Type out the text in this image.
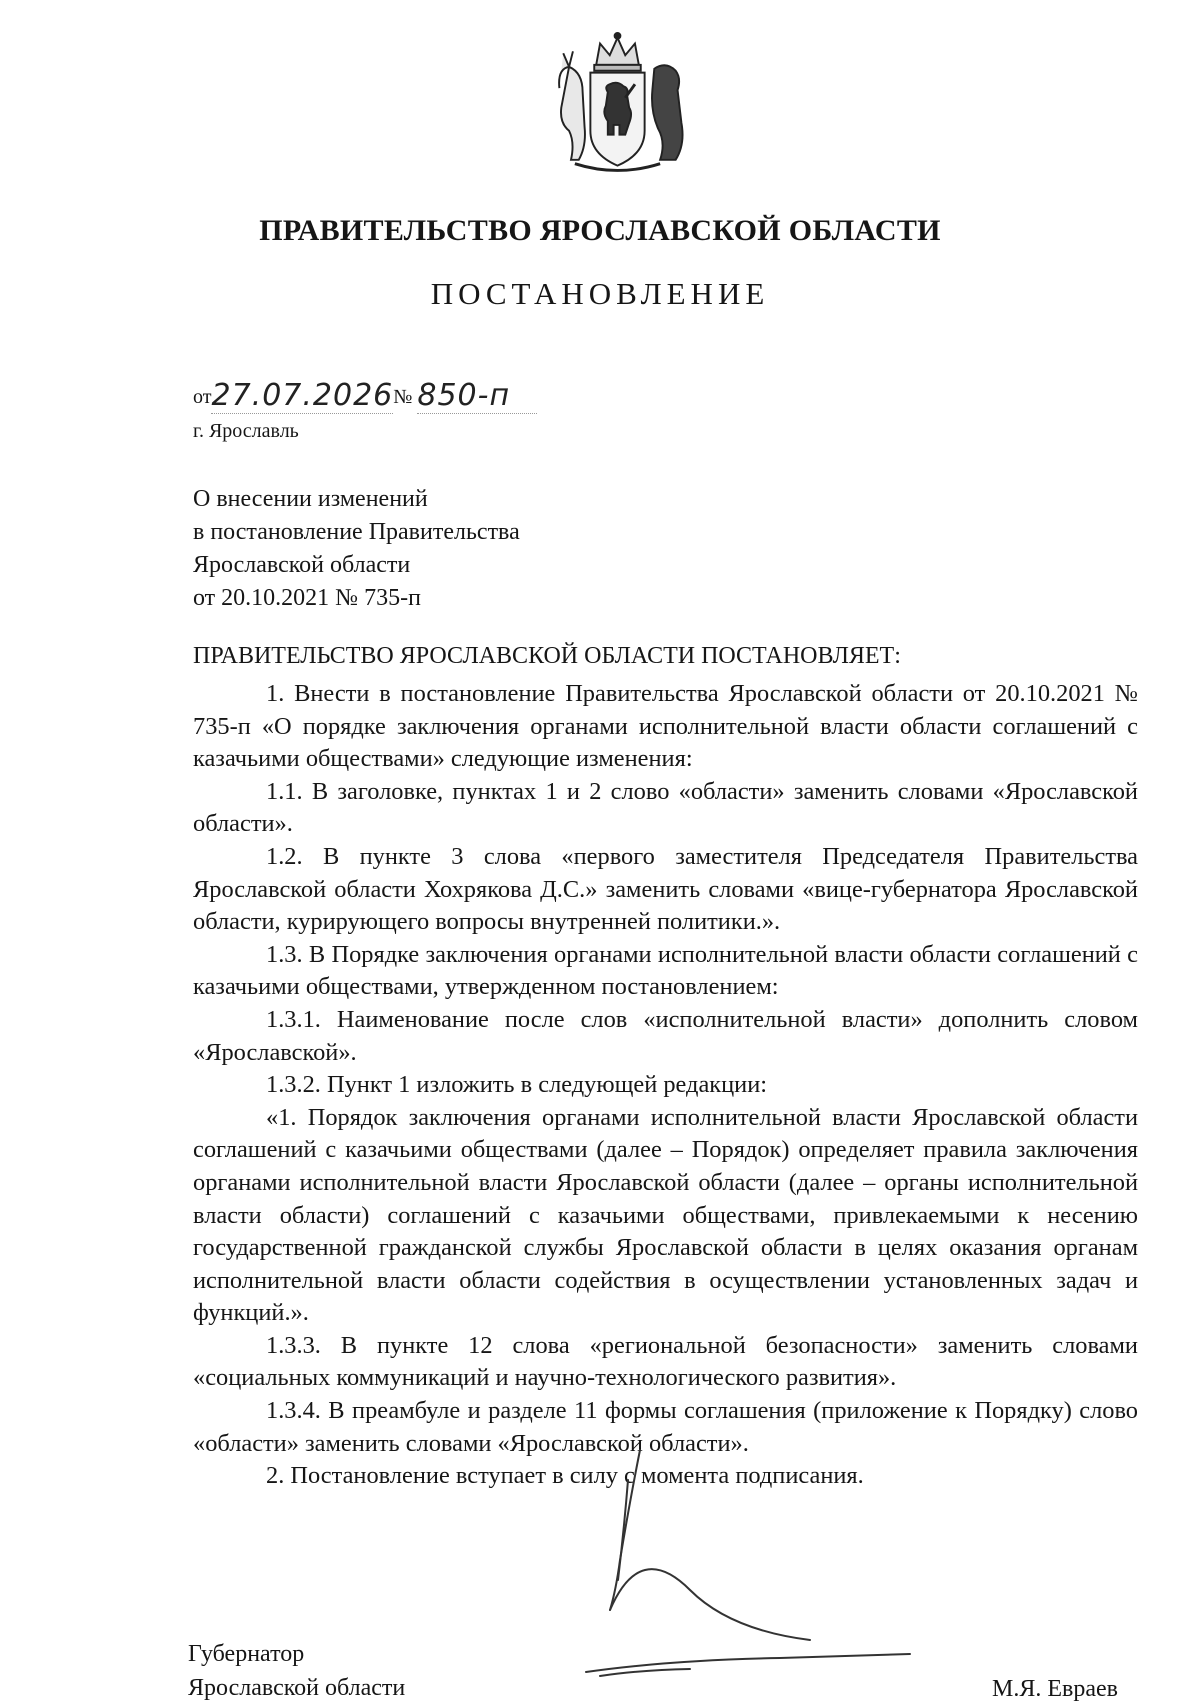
ПРАВИТЕЛЬСТВО ЯРОСЛАВСКОЙ ОБЛАСТИ
ПОСТАНОВЛЕНИЕ
от27.07.2026№ 850-п
г. Ярославль
О внесении изменений
в постановление Правительства
Ярославской области
от 20.10.2021 № 735-п
ПРАВИТЕЛЬСТВО ЯРОСЛАВСКОЙ ОБЛАСТИ ПОСТАНОВЛЯЕТ:

1. Внести в постановление Правительства Ярославской области от 20.10.2021 № 735-п «О порядке заключения органами исполнительной власти области соглашений с казачьими обществами» следующие изменения:

1.1. В заголовке, пунктах 1 и 2 слово «области» заменить словами «Ярославской области».

1.2. В пункте 3 слова «первого заместителя Председателя Правительства Ярославской области Хохрякова Д.С.» заменить словами «вице-губернатора Ярославской области, курирующего вопросы внутренней политики.».

1.3. В Порядке заключения органами исполнительной власти области соглашений с казачьими обществами, утвержденном постановлением:

1.3.1. Наименование после слов «исполнительной власти» дополнить словом «Ярославской».

1.3.2. Пункт 1 изложить в следующей редакции:

«1. Порядок заключения органами исполнительной власти Ярославской области соглашений с казачьими обществами (далее – Порядок) определяет правила заключения органами исполнительной власти Ярославской области (далее – органы исполнительной власти области) соглашений с казачьими обществами, привлекаемыми к несению государственной гражданской службы Ярославской области в целях оказания органам исполнительной власти области содействия в осуществлении установленных задач и функций.».

1.3.3. В пункте 12 слова «региональной безопасности» заменить словами «социальных коммуникаций и научно-технологического развития».

1.3.4. В преамбуле и разделе 11 формы соглашения (приложение к Порядку) слово «области» заменить словами «Ярославской области».

2. Постановление вступает в силу с момента подписания.

Губернатор
Ярославской области	М.Я. Евраев
